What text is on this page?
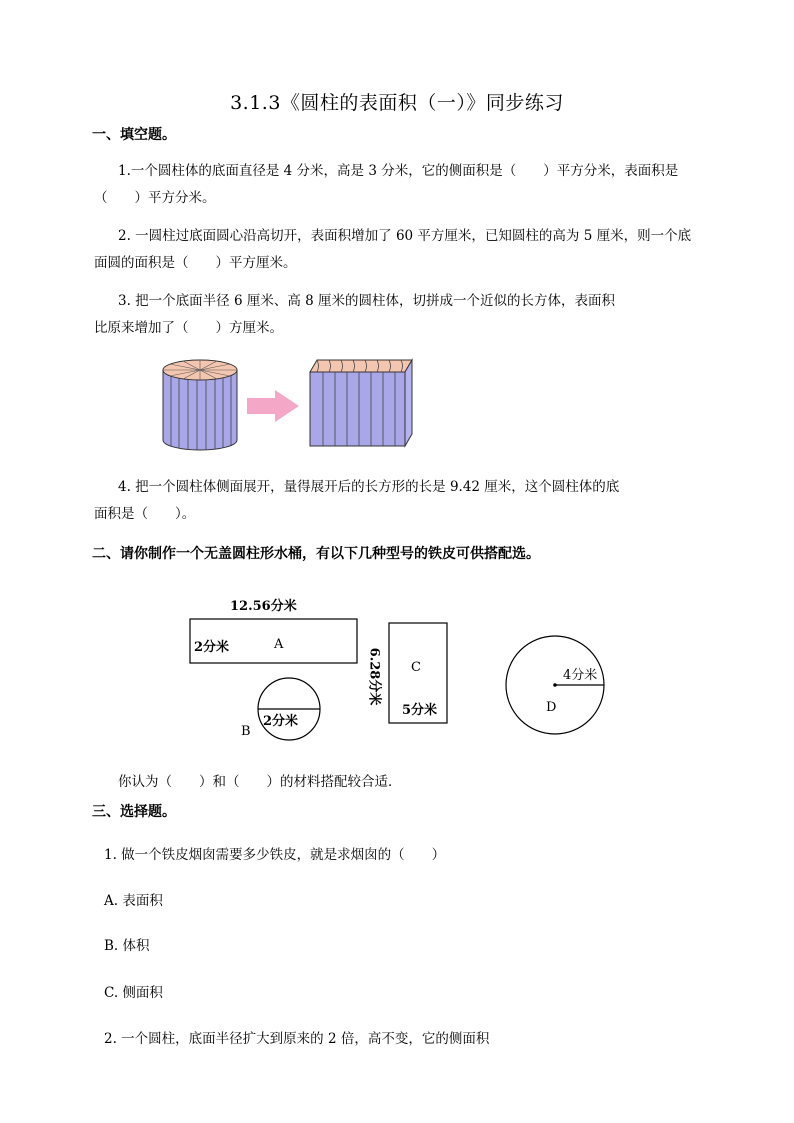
3.1.3《圆柱的表面积（一）》同步练习
一、填空题。
1.一个圆柱体的底面直径是 4 分米，高是 3 分米，它的侧面积是（　　）平方分米，表面积是
（　　）平方分米。
2. 一圆柱过底面圆心沿高切开，表面积增加了 60 平方厘米，已知圆柱的高为 5 厘米，则一个底
面圆的面积是（　　）平方厘米。
3. 把一个底面半径 6 厘米、高 8 厘米的圆柱体，切拼成一个近似的长方体，表面积
比原来增加了（　　）方厘米。
4. 把一个圆柱体侧面展开，量得展开后的长方形的长是 9.42 厘米，这个圆柱体的底
面积是（　　）。
二、请你制作一个无盖圆柱形水桶，有以下几种型号的铁皮可供搭配选。
12.56分米
2分米	A
2分米
B
6.28分米	C
5分米
4分米
D
你认为（　　）和（　　）的材料搭配较合适．
三、选择题。
1. 做一个铁皮烟囱需要多少铁皮，就是求烟囱的（　　）
A. 表面积
B. 体积
C. 侧面积
2. 一个圆柱，底面半径扩大到原来的 2 倍，高不变，它的侧面积
